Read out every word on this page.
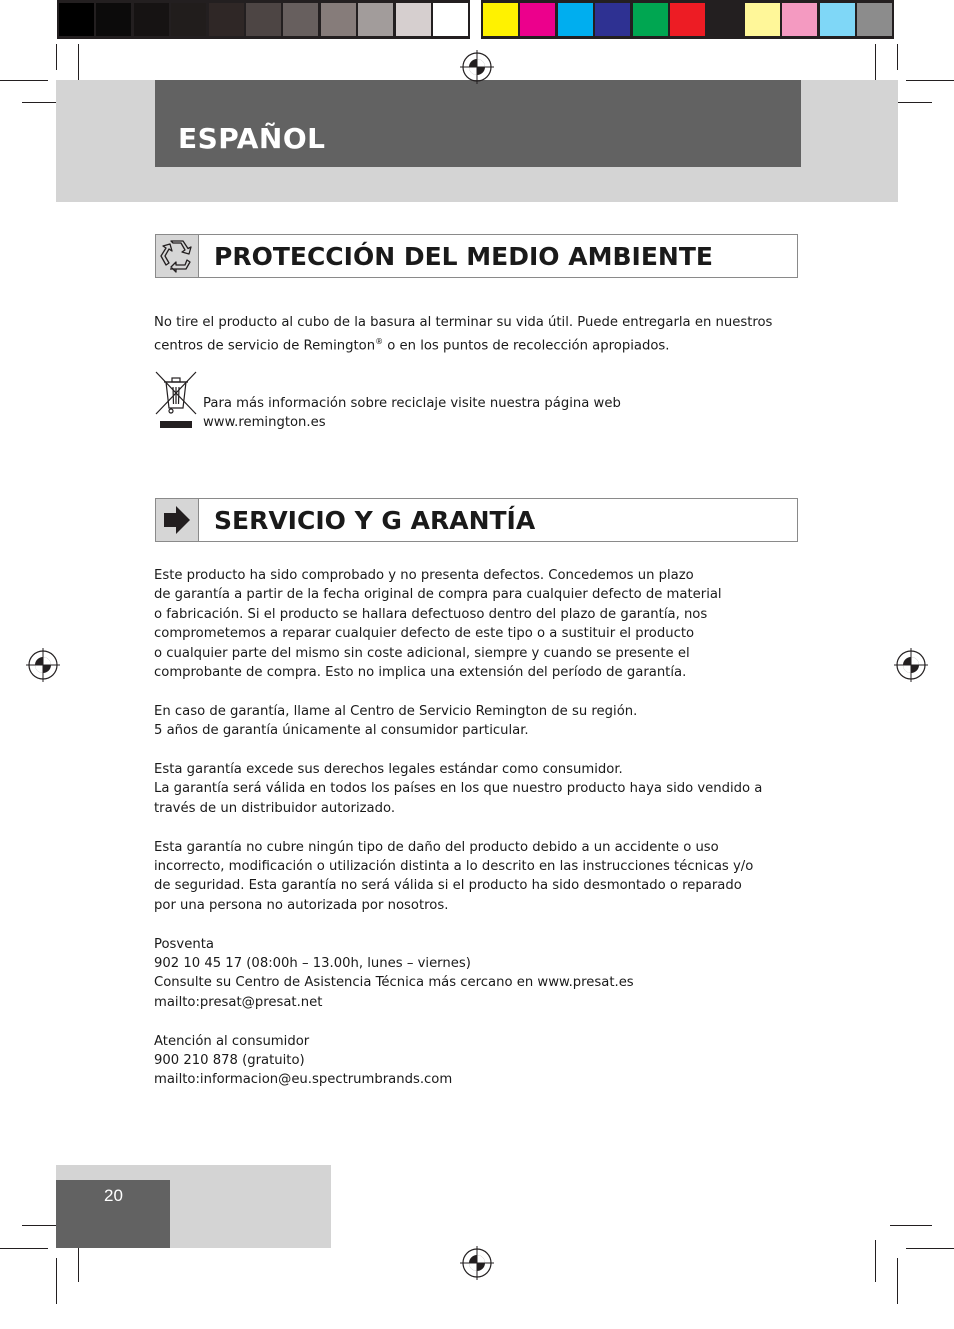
ESPAÑOL
PROTECCIÓN DEL MEDIO AMBIENTE

No tire el producto al cubo de la basura al terminar su vida útil. Puede entregarla en nuestros

centros de servicio de Remington® o en los puntos de recolección apropiados.

Para más información sobre reciclaje visite nuestra página web

www.remington.es

SERVICIO Y G ARANTÍA

Este producto ha sido comprobado y no presenta defectos. Concedemos un plazo

de garantía a partir de la fecha original de compra para cualquier defecto de material

o fabricación. Si el producto se hallara defectuoso dentro del plazo de garantía, nos

comprometemos a reparar cualquier defecto de este tipo o a sustituir el producto

o cualquier parte del mismo sin coste adicional, siempre y cuando se presente el

comprobante de compra. Esto no implica una extensión del período de garantía.

En caso de garantía, llame al Centro de Servicio Remington de su región.

5 años de garantía únicamente al consumidor particular.

Esta garantía excede sus derechos legales estándar como consumidor.

La garantía será válida en todos los países en los que nuestro producto haya sido vendido a

través de un distribuidor autorizado.

Esta garantía no cubre ningún tipo de daño del producto debido a un accidente o uso

incorrecto, modificación o utilización distinta a lo descrito en las instrucciones técnicas y/o

de seguridad. Esta garantía no será válida si el producto ha sido desmontado o reparado

por una persona no autorizada por nosotros.

Posventa

902 10 45 17 (08:00h – 13.00h, lunes – viernes)

Consulte su Centro de Asistencia Técnica más cercano en www.presat.es

mailto:presat@presat.net

Atención al consumidor

900 210 878 (gratuito)

mailto:informacion@eu.spectrumbrands.com

20
